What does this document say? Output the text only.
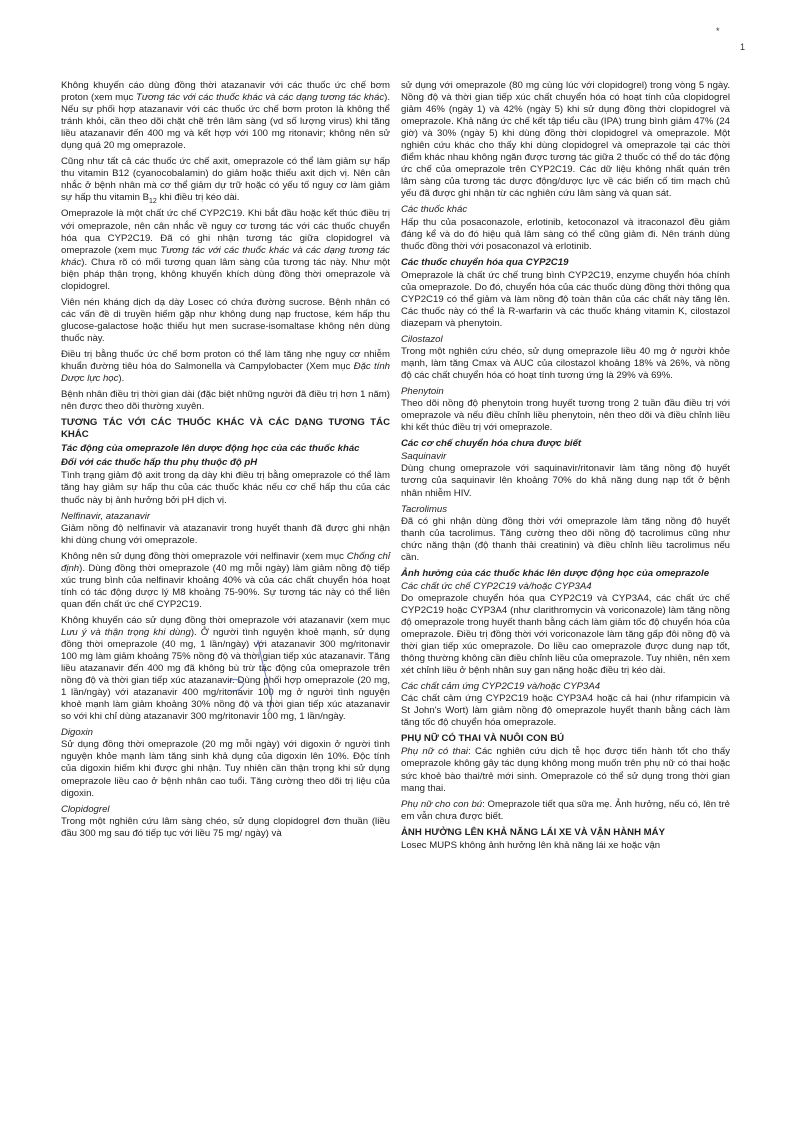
*
1

Không khuyến cáo dùng đồng thời atazanavir với các thuốc ức chế bơm proton (xem mục Tương tác với các thuốc khác và các dạng tương tác khác). Nếu sự phối hợp atazanavir với các thuốc ức chế bơm proton là không thể tránh khỏi, cần theo dõi chặt chẽ trên lâm sàng (vd số lượng virus) khi tăng liều atazanavir đến 400 mg và kết hợp với 100 mg ritonavir; không nên sử dụng quá 20 mg omeprazole.

Cũng như tất cả các thuốc ức chế axit, omeprazole có thể làm giảm sự hấp thu vitamin B12 (cyanocobalamin) do giảm hoặc thiếu axit dịch vị. Nên cân nhắc ở bệnh nhân mà cơ thể giảm dự trữ hoặc có yếu tố nguy cơ làm giảm sự hấp thu vitamin $B_{12}$ khi điều trị kéo dài.

Omeprazole là một chất ức chế CYP2C19. Khi bắt đầu hoặc kết thúc điều trị với omeprazole, nên cân nhắc về nguy cơ tương tác với các thuốc chuyển hóa qua CYP2C19. Đã có ghi nhận tương tác giữa clopidogrel và omeprazole (xem mục Tương tác với các thuốc khác và các dạng tương tác khác). Chưa rõ có mối tương quan lâm sàng của tương tác này. Như một biện pháp thận trọng, không khuyến khích dùng đồng thời omeprazole và clopidogrel.

Viên nén kháng dịch dạ dày Losec có chứa đường sucrose. Bệnh nhân có các vấn đề di truyền hiếm gặp như không dung nạp fructose, kém hấp thu glucose-galactose hoặc thiếu hụt men sucrase-isomaltase không nên dùng thuốc này.

Điều trị bằng thuốc ức chế bơm proton có thể làm tăng nhẹ nguy cơ nhiễm khuẩn đường tiêu hóa do Salmonella và Campylobacter (Xem mục Đặc tính Dược lực học).

Bệnh nhân điều trị thời gian dài (đặc biệt những người đã điều trị hơn 1 năm) nên được theo dõi thường xuyên.

TƯƠNG TÁC VỚI CÁC THUỐC KHÁC VÀ CÁC DẠNG TƯƠNG TÁC KHÁC
Tác động của omeprazole lên dược động học của các thuốc khác
Đối với các thuốc hấp thu phụ thuộc độ pH

Tình trạng giảm độ axit trong dạ dày khi điều trị bằng omeprazole có thể làm tăng hay giảm sự hấp thu của các thuốc khác nếu cơ chế hấp thu của các thuốc này bị ảnh hưởng bởi pH dịch vị.

Nelfinavir, atazanavir

Giảm nồng độ nelfinavir và atazanavir trong huyết thanh đã được ghi nhận khi dùng chung với omeprazole.

Không nên sử dụng đồng thời omeprazole với nelfinavir (xem mục Chống chỉ định). Dùng đồng thời omeprazole (40 mg mỗi ngày) làm giảm nồng độ tiếp xúc trung bình của nelfinavir khoảng 40% và của các chất chuyển hóa hoạt tính có tác động dược lý M8 khoảng 75-90%. Sự tương tác này có thể liên quan đến chất ức chế CYP2C19.

Không khuyến cáo sử dụng đồng thời omeprazole với atazanavir (xem mục Lưu ý và thận trọng khi dùng). Ở người tình nguyện khoẻ mạnh, sử dụng đồng thời omeprazole (40 mg, 1 lần/ngày) với atazanavir 300 mg/ritonavir 100 mg làm giảm khoảng 75% nồng độ và thời gian tiếp xúc atazanavir. Tăng liều atazanavir đến 400 mg đã không bù trừ tác động của omeprazole trên nồng độ và thời gian tiếp xúc atazanavir. Dùng phối hợp omeprazole (20 mg, 1 lần/ngày) với atazanavir 400 mg/ritonavir 100 mg ở người tình nguyện khoẻ mạnh làm giảm khoảng 30% nồng độ và thời gian tiếp xúc atazanavir so với khi chỉ dùng atazanavir 300 mg/ritonavir 100 mg, 1 lần/ngày.

Digoxin

Sử dụng đồng thời omeprazole (20 mg mỗi ngày) với digoxin ở người tình nguyện khỏe mạnh làm tăng sinh khả dụng của digoxin lên 10%. Độc tính của digoxin hiếm khi được ghi nhận. Tuy nhiên cần thận trọng khi sử dụng omeprazole liều cao ở bệnh nhân cao tuổi. Tăng cường theo dõi trị liệu của digoxin.

Clopidogrel

Trong một nghiên cứu lâm sàng chéo, sử dụng clopidogrel đơn thuần (liều đầu 300 mg sau đó tiếp tục với liều 75 mg/ ngày) và

sử dụng với omeprazole (80 mg cùng lúc với clopidogrel) trong vòng 5 ngày. Nồng độ và thời gian tiếp xúc chất chuyển hóa có hoạt tính của clopidogrel giảm 46% (ngày 1) và 42% (ngày 5) khi sử dụng đồng thời clopidogrel và omeprazole. Khả năng ức chế kết tập tiểu cầu (IPA) trung bình giảm 47% (24 giờ) và 30% (ngày 5) khi dùng đồng thời clopidogrel và omeprazole. Một nghiên cứu khác cho thấy khi dùng clopidogrel và omeprazole tại các thời điểm khác nhau không ngăn được tương tác giữa 2 thuốc có thể do tác động ức chế của omeprazole trên CYP2C19. Các dữ liệu không nhất quán trên lâm sàng của tương tác dược động/dược lực về các biến cố tim mạch chủ yếu đã được ghi nhận từ các nghiên cứu lâm sàng và quan sát.

Các thuốc khác

Hấp thu của posaconazole, erlotinib, ketoconazol và itraconazol đều giảm đáng kể và do đó hiệu quả lâm sàng có thể cũng giảm đi. Nên tránh dùng thuốc đồng thời với posaconazol và erlotinib.

Các thuốc chuyển hóa qua CYP2C19

Omeprazole là chất ức chế trung bình CYP2C19, enzyme chuyển hóa chính của omeprazole. Do đó, chuyển hóa của các thuốc dùng đồng thời thông qua CYP2C19 có thể giảm và làm nồng độ toàn thân của các chất này tăng lên. Các thuốc này có thể là R-warfarin và các thuốc kháng vitamin K, cilostazol diazepam và phenytoin.

Cilostazol

Trong một nghiên cứu chéo, sử dụng omeprazole liều 40 mg ở người khỏe mạnh, làm tăng Cmax và AUC của cilostazol khoảng 18% và 26%, và nồng độ các chất chuyển hóa có hoạt tính tương ứng là 29% và 69%.

Phenytoin

Theo dõi nồng độ phenytoin trong huyết tương trong 2 tuần đầu điều trị với omeprazole và nếu điều chỉnh liều phenytoin, nên theo dõi và điều chỉnh liều khi kết thúc điều trị với omeprazole.

Các cơ chế chuyển hóa chưa được biết
Saquinavir

Dùng chung omeprazole với saquinavir/ritonavir làm tăng nồng độ huyết tương của saquinavir lên khoảng 70% do khả năng dung nạp tốt ở bệnh nhân nhiễm HIV.

Tacrolimus

Đã có ghi nhận dùng đồng thời với omeprazole làm tăng nồng độ huyết thanh của tacrolimus. Tăng cường theo dõi nồng độ tacrolimus cũng như chức năng thận (độ thanh thải creatinin) và điều chỉnh liều tacrolimus nếu cần.

Ảnh hưởng của các thuốc khác lên dược động học của omeprazole
Các chất ức chế CYP2C19 và/hoặc CYP3A4

Do omeprazole chuyển hóa qua CYP2C19 và CYP3A4, các chất ức chế CYP2C19 hoặc CYP3A4 (như clarithromycin và voriconazole) làm tăng nồng độ omeprazole trong huyết thanh bằng cách làm giảm tốc độ chuyển hóa của omeprazole. Điều trị đồng thời với voriconazole làm tăng gấp đôi nồng độ và thời gian tiếp xúc omeprazole. Do liều cao omeprazole được dung nạp tốt, thông thường không cần điều chỉnh liều của omeprazole. Tuy nhiên, nên xem xét chỉnh liều ở bệnh nhân suy gan nặng hoặc điều trị kéo dài.

Các chất cảm ứng CYP2C19 và/hoặc CYP3A4

Các chất cảm ứng CYP2C19 hoặc CYP3A4 hoặc cả hai (như rifampicin và St John's Wort) làm giảm nồng độ omeprazole huyết thanh bằng cách làm tăng tốc độ chuyển hóa omeprazole.

PHỤ NỮ CÓ THAI VÀ NUÔI CON BÚ

Phụ nữ có thai: Các nghiên cứu dịch tễ học được tiến hành tốt cho thấy omeprazole không gây tác dụng không mong muốn trên phụ nữ có thai hoặc sức khoẻ bào thai/trẻ mới sinh. Omeprazole có thể sử dụng trong thời gian mang thai.

Phụ nữ cho con bú: Omeprazole tiết qua sữa mẹ. Ảnh hưởng, nếu có, lên trẻ em vẫn chưa được biết.

ẢNH HƯỞNG LÊN KHẢ NĂNG LÁI XE VÀ VẬN HÀNH MÁY

Losec MUPS không ảnh hưởng lên khả năng lái xe hoặc vận
